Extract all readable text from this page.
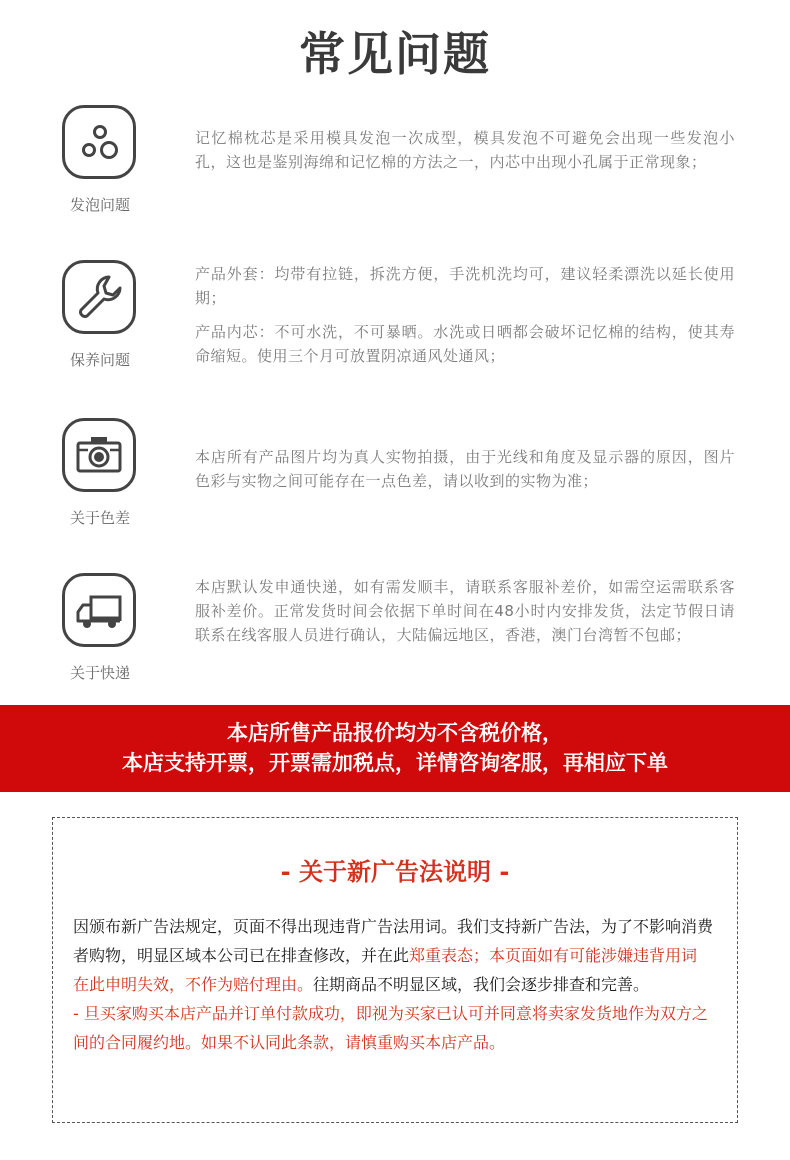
常见问题
发泡问题

记忆棉枕芯是采用模具发泡一次成型，模具发泡不可避免会出现一些发泡小孔，这也是鉴别海绵和记忆棉的方法之一，内芯中出现小孔属于正常现象；

保养问题

产品外套：均带有拉链，拆洗方便，手洗机洗均可，建议轻柔漂洗以延长使用期；

产品内芯：不可水洗，不可暴晒。水洗或日晒都会破坏记忆棉的结构，使其寿命缩短。使用三个月可放置阴凉通风处通风；

关于色差

本店所有产品图片均为真人实物拍摄，由于光线和角度及显示器的原因，图片色彩与实物之间可能存在一点色差，请以收到的实物为准；

关于快递

本店默认发申通快递，如有需发顺丰，请联系客服补差价，如需空运需联系客服补差价。正常发货时间会依据下单时间在48小时内安排发货，法定节假日请联系在线客服人员进行确认，大陆偏远地区，香港，澳门台湾暂不包邮；

本店所售产品报价均为不含税价格，
本店支持开票，开票需加税点，详情咨询客服，再相应下单
- 关于新广告法说明 -

因颁布新广告法规定，页面不得出现违背广告法用词。我们支持新广告法，为了不影响消费者购物，明显区域本公司已在排查修改，并在此郑重表态；本页面如有可能涉嫌违背用词在此申明失效，不作为赔付理由。往期商品不明显区域，我们会逐步排查和完善。

- 旦买家购买本店产品并订单付款成功，即视为买家已认可并同意将卖家发货地作为双方之间的合同履约地。如果不认同此条款，请慎重购买本店产品。
